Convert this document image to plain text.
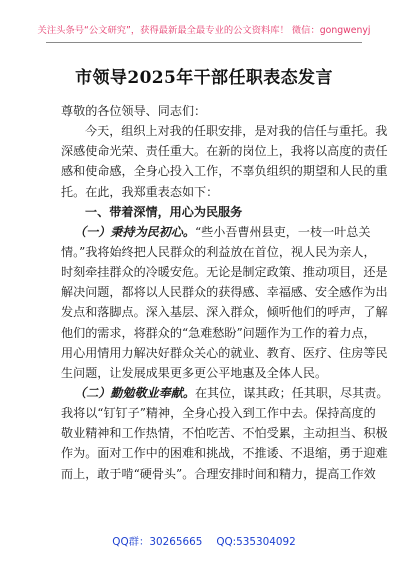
关注头条号“公文研究”，获得最新最全最专业的公文资料库！ 微信：gongwenyj
市领导2025年干部任职表态发言
尊敬的各位领导、同志们：
今天，组织上对我的任职安排，是对我的信任与重托。我
深感使命光荣、责任重大。在新的岗位上，我将以高度的责任
感和使命感，全身心投入工作，不辜负组织的期望和人民的重
托。在此，我郑重表态如下：
一、带着深情，用心为民服务
（一）秉持为民初心。“些小吾曹州县吏，一枝一叶总关
情。”我将始终把人民群众的利益放在首位，视人民为亲人，
时刻牵挂群众的冷暖安危。无论是制定政策、推动项目，还是
解决问题，都将以人民群众的获得感、幸福感、安全感作为出
发点和落脚点。深入基层、深入群众，倾听他们的呼声，了解
他们的需求，将群众的“急难愁盼”问题作为工作的着力点，
用心用情用力解决好群众关心的就业、教育、医疗、住房等民
生问题，让发展成果更多更公平地惠及全体人民。
（二）勤勉敬业奉献。在其位，谋其政；任其职，尽其责。
我将以“钉钉子”精神，全身心投入到工作中去。保持高度的
敬业精神和工作热情，不怕吃苦、不怕受累，主动担当、积极
作为。面对工作中的困难和挑战，不推诿、不退缩，勇于迎难
而上，敢于啃“硬骨头”。合理安排时间和精力，提高工作效
QQ群：30265665 QQ:535304092
